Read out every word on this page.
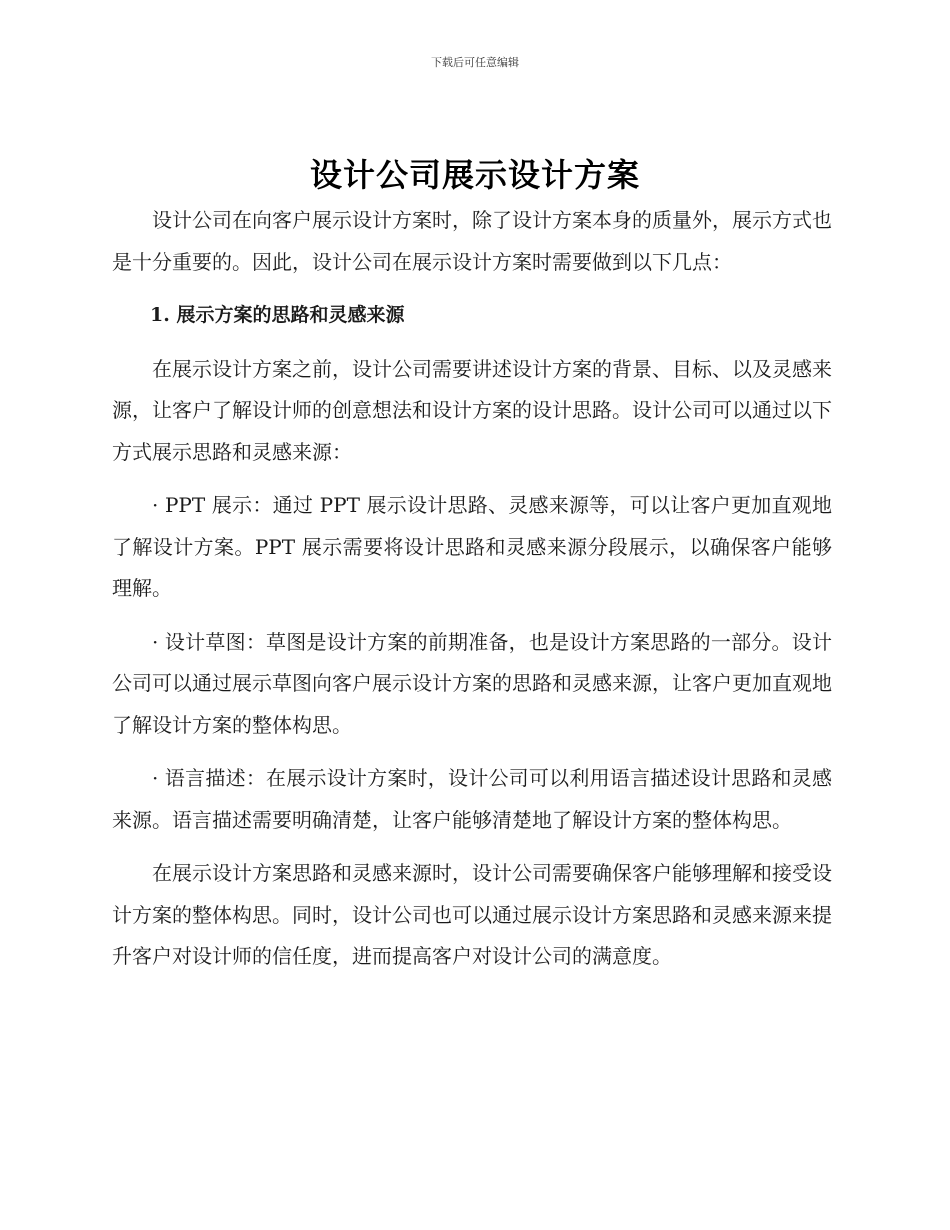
下载后可任意编辑
设计公司展示设计方案

设计公司在向客户展示设计方案时，除了设计方案本身的质量外，展示方式也是十分重要的。因此，设计公司在展示设计方案时需要做到以下几点：

1. 展示方案的思路和灵感来源

在展示设计方案之前，设计公司需要讲述设计方案的背景、目标、以及灵感来源，让客户了解设计师的创意想法和设计方案的设计思路。设计公司可以通过以下方式展示思路和灵感来源：

· PPT 展示：通过 PPT 展示设计思路、灵感来源等，可以让客户更加直观地了解设计方案。PPT 展示需要将设计思路和灵感来源分段展示，以确保客户能够理解。

· 设计草图：草图是设计方案的前期准备，也是设计方案思路的一部分。设计公司可以通过展示草图向客户展示设计方案的思路和灵感来源，让客户更加直观地了解设计方案的整体构思。

· 语言描述：在展示设计方案时，设计公司可以利用语言描述设计思路和灵感来源。语言描述需要明确清楚，让客户能够清楚地了解设计方案的整体构思。

在展示设计方案思路和灵感来源时，设计公司需要确保客户能够理解和接受设计方案的整体构思。同时，设计公司也可以通过展示设计方案思路和灵感来源来提升客户对设计师的信任度，进而提高客户对设计公司的满意度。
